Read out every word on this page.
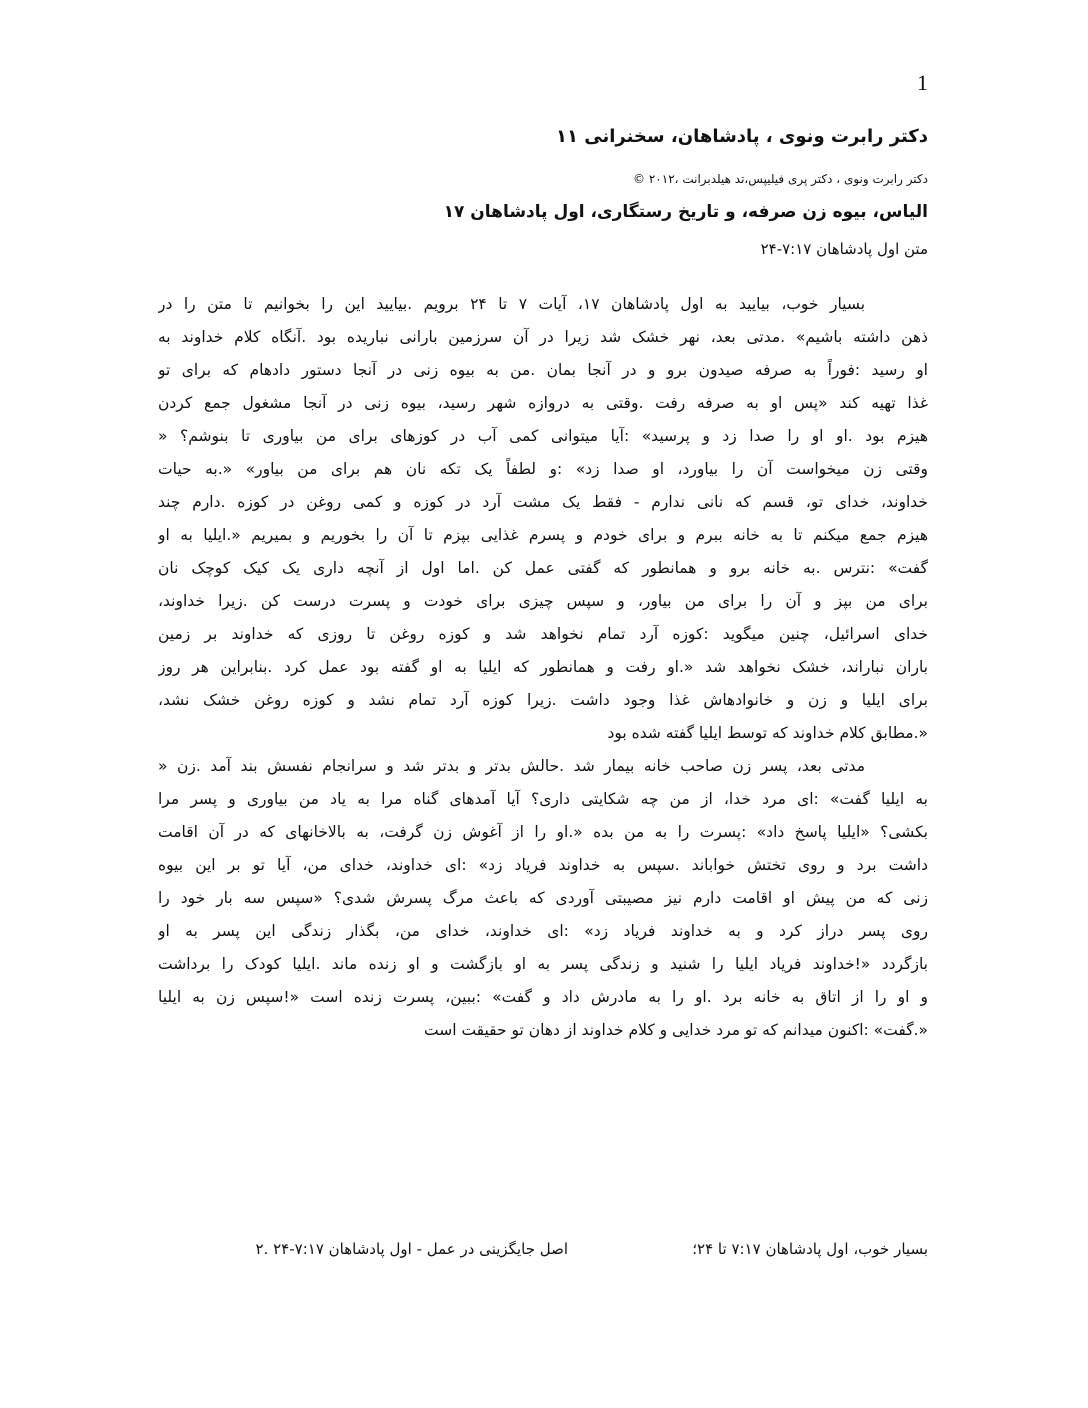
1
دکتر رابرت ونوی ، پادشاهان، سخنرانی ۱۱
دکتر رابرت ونوی ، دکتر پری فیلیپس،تد هیلدبرانت ،۲۰۱۲ ©
الیاس، بیوه زن صرفه، و تاریخ رستگاری، اول پادشاهان ۱۷
متن اول پادشاهان ۷:۱۷-۲۴
بسیار خوب، بیایید به اول پادشاهان ۱۷، آیات ۷ تا ۲۴ برویم .بیایید این را بخوانیم تا متن را در
ذهن داشته باشیم» .مدتی بعد، نهر خشک شد زیرا در آن سرزمین بارانی نباریده بود .آنگاه کلام خداوند به
او رسید :فوراً به صرفه صیدون برو و در آنجا بمان .من به بیوه زنی در آنجا دستور دادهام که برای تو
غذا تهیه کند «پس او به صرفه رفت .وقتی به دروازه شهر رسید، بیوه زنی در آنجا مشغول جمع کردن
هیزم بود .او او را صدا زد و پرسید» :آیا میتوانی کمی آب در کوزهای برای من بیاوری تا بنوشم؟ «
وقتی زن میخواست آن را بیاورد، او صدا زد» :و لطفاً یک تکه نان هم برای من بیاور» «.به حیات
خداوند، خدای تو، قسم که نانی ندارم - فقط یک مشت آرد در کوزه و کمی روغن در کوزه .دارم چند
هیزم جمع میکنم تا به خانه ببرم و برای خودم و پسرم غذایی بپزم تا آن را بخوریم و بمیریم «.ایلیا به او
گفت» :نترس .به خانه برو و همانطور که گفتی عمل کن .اما اول از آنچه داری یک کیک کوچک نان
برای من بپز و آن را برای من بیاور، و سپس چیزی برای خودت و پسرت درست کن .زیرا خداوند،
خدای اسرائیل، چنین میگوید :کوزه آرد تمام نخواهد شد و کوزه روغن تا روزی که خداوند بر زمین
باران نباراند، خشک نخواهد شد «.او رفت و همانطور که ایلیا به او گفته بود عمل کرد .بنابراین هر روز
برای ایلیا و زن و خانوادهاش غذا وجود داشت .زیرا کوزه آرد تمام نشد و کوزه روغن خشک نشد،
«.مطابق کلام خداوند که توسط ایلیا گفته شده بود
مدتی بعد، پسر زن صاحب خانه بیمار شد .حالش بدتر و بدتر شد و سرانجام نفسش بند آمد .زن «
به ایلیا گفت» :ای مرد خدا، از من چه شکایتی داری؟ آیا آمدهای گناه مرا به یاد من بیاوری و پسر مرا
بکشی؟ «ایلیا پاسخ داد» :پسرت را به من بده «.او را از آغوش زن گرفت، به بالاخانهای که در آن اقامت
داشت برد و روی تختش خواباند .سپس به خداوند فریاد زد» :ای خداوند، خدای من، آیا تو بر این بیوه
زنی که من پیش او اقامت دارم نیز مصیبتی آوردی که باعث مرگ پسرش شدی؟ «سپس سه بار خود را
روی پسر دراز کرد و به خداوند فریاد زد» :ای خداوند، خدای من، بگذار زندگی این پسر به او
بازگردد «!خداوند فریاد ایلیا را شنید و زندگی پسر به او بازگشت و او زنده ماند .ایلیا کودک را برداشت
و او را از اتاق به خانه برد .او را به مادرش داد و گفت» :ببین، پسرت زنده است «!سپس زن به ایلیا
«.گفت» :اکنون میدانم که تو مرد خدایی و کلام خداوند از دهان تو حقیقت است
بسیار خوب، اول پادشاهان ۷:۱۷ تا ۲۴؛
اصل جایگزینی در عمل - اول پادشاهان ۷:۱۷-۲۴ .۲
